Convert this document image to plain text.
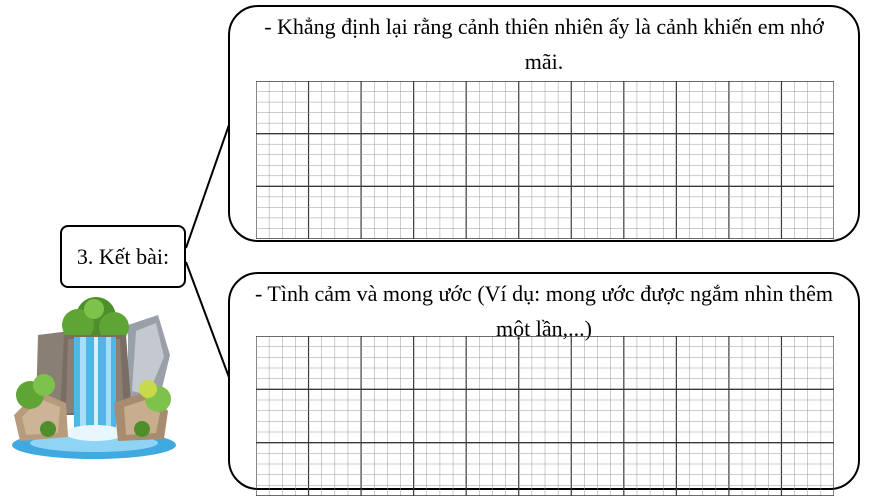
- Khẳng định lại rằng cảnh thiên nhiên ấy là cảnh khiến em nhớ mãi.
- Tình cảm và mong ước (Ví dụ: mong ước được ngắm nhìn thêm một lần,...)
3. Kết bài:
